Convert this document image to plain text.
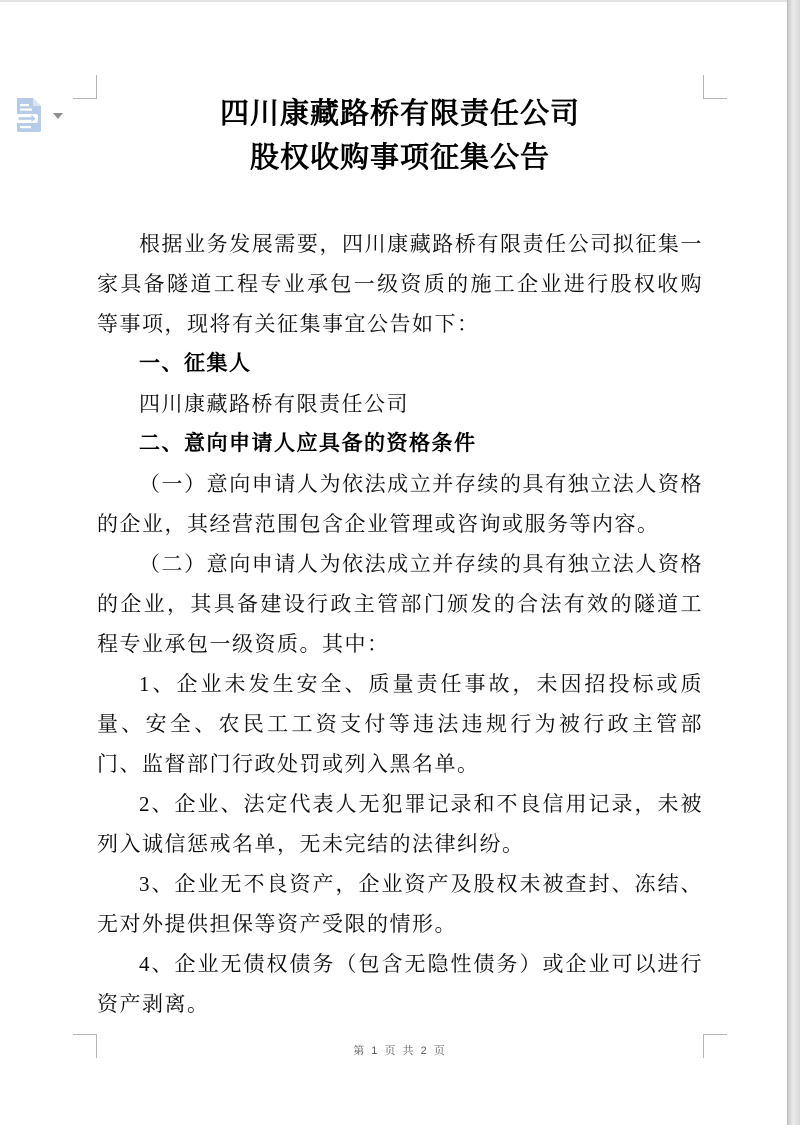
四川康藏路桥有限责任公司
股权收购事项征集公告
根据业务发展需要，四川康藏路桥有限责任公司拟征集一家具备隧道工程专业承包一级资质的施工企业进行股权收购等事项，现将有关征集事宜公告如下：
一、征集人
四川康藏路桥有限责任公司
二、意向申请人应具备的资格条件
（一）意向申请人为依法成立并存续的具有独立法人资格的企业，其经营范围包含企业管理或咨询或服务等内容。
（二）意向申请人为依法成立并存续的具有独立法人资格的企业，其具备建设行政主管部门颁发的合法有效的隧道工程专业承包一级资质。其中：
1、企业未发生安全、质量责任事故，未因招投标或质量、安全、农民工工资支付等违法违规行为被行政主管部门、监督部门行政处罚或列入黑名单。
2、企业、法定代表人无犯罪记录和不良信用记录，未被列入诚信惩戒名单，无未完结的法律纠纷。
3、企业无不良资产，企业资产及股权未被查封、冻结、无对外提供担保等资产受限的情形。
4、企业无债权债务（包含无隐性债务）或企业可以进行资产剥离。
第 1 页 共 2 页
